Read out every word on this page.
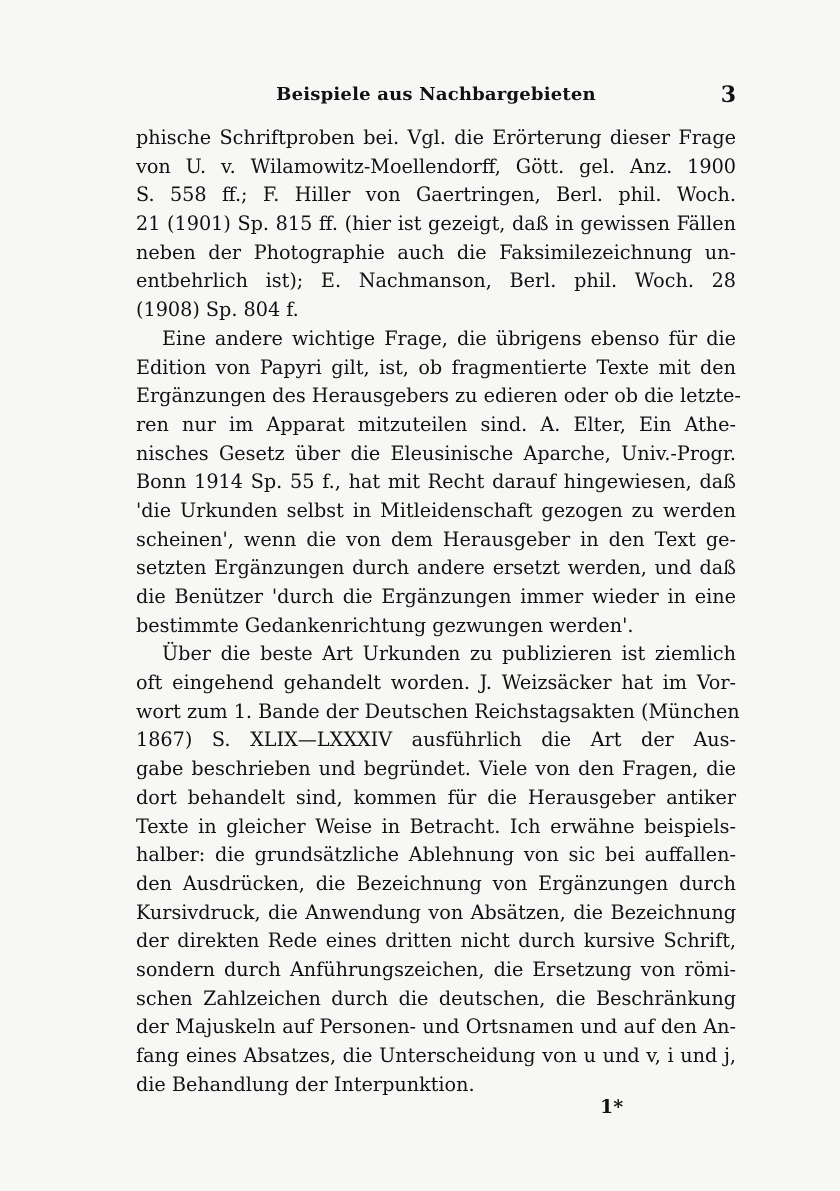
Beispiele aus Nachbargebieten	3
phische Schriftproben bei. Vgl. die Erörterung dieser Frage
von U. v. Wilamowitz-Moellendorff, Gött. gel. Anz. 1900
S. 558 ff.; F. Hiller von Gaertringen, Berl. phil. Woch.
21 (1901) Sp. 815 ff. (hier ist gezeigt, daß in gewissen Fällen
neben der Photographie auch die Faksimilezeichnung un-
entbehrlich ist); E. Nachmanson, Berl. phil. Woch. 28
(1908) Sp. 804 f.
Eine andere wichtige Frage, die übrigens ebenso für die
Edition von Papyri gilt, ist, ob fragmentierte Texte mit den
Ergänzungen des Herausgebers zu edieren oder ob die letzte-
ren nur im Apparat mitzuteilen sind. A. Elter, Ein Athe-
nisches Gesetz über die Eleusinische Aparche, Univ.-Progr.
Bonn 1914 Sp. 55 f., hat mit Recht darauf hingewiesen, daß
'die Urkunden selbst in Mitleidenschaft gezogen zu werden
scheinen', wenn die von dem Herausgeber in den Text ge-
setzten Ergänzungen durch andere ersetzt werden, und daß
die Benützer 'durch die Ergänzungen immer wieder in eine
bestimmte Gedankenrichtung gezwungen werden'.
Über die beste Art Urkunden zu publizieren ist ziemlich
oft eingehend gehandelt worden. J. Weizsäcker hat im Vor-
wort zum 1. Bande der Deutschen Reichstagsakten (München
1867) S. XLIX—LXXXIV ausführlich die Art der Aus-
gabe beschrieben und begründet. Viele von den Fragen, die
dort behandelt sind, kommen für die Herausgeber antiker
Texte in gleicher Weise in Betracht. Ich erwähne beispiels-
halber: die grundsätzliche Ablehnung von sic bei auffallen-
den Ausdrücken, die Bezeichnung von Ergänzungen durch
Kursivdruck, die Anwendung von Absätzen, die Bezeichnung
der direkten Rede eines dritten nicht durch kursive Schrift,
sondern durch Anführungszeichen, die Ersetzung von römi-
schen Zahlzeichen durch die deutschen, die Beschränkung
der Majuskeln auf Personen- und Ortsnamen und auf den An-
fang eines Absatzes, die Unterscheidung von u und v, i und j,
die Behandlung der Interpunktion.
1*
